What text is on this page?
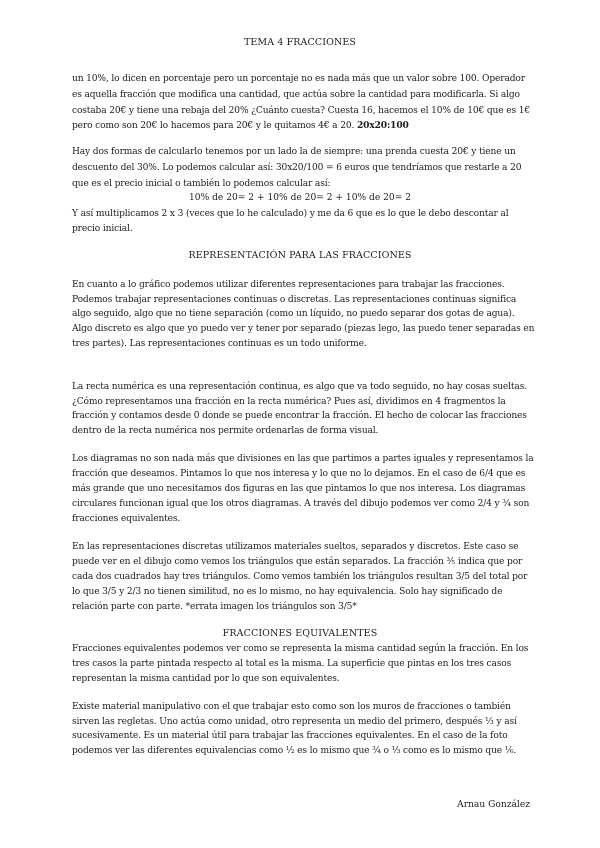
TEMA 4 FRACCIONES
un 10%, lo dicen en porcentaje pero un porcentaje no es nada más que un valor sobre 100. Operador
es aquella fracción que modifica una cantidad, que actúa sobre la cantidad para modificarla. Si algo
costaba 20€ y tiene una rebaja del 20% ¿Cuánto cuesta? Cuesta 16, hacemos el 10% de 10€ que es 1€
pero como son 20€ lo hacemos para 20€ y le quitamos 4€ a 20. 20x20:100
Hay dos formas de calcularlo tenemos por un lado la de siempre: una prenda cuesta 20€ y tiene un
descuento del 30%. Lo podemos calcular así: 30x20/100 = 6 euros que tendríamos que restarle a 20
que es el precio inicial o también lo podemos calcular así:
10% de 20= 2 + 10% de 20= 2 + 10% de 20= 2
Y así multiplicamos 2 x 3 (veces que lo he calculado) y me da 6 que es lo que le debo descontar al
precio inicial.
REPRESENTACIÓN PARA LAS FRACCIONES
En cuanto a lo gráfico podemos utilizar diferentes representaciones para trabajar las fracciones.
Podemos trabajar representaciones continuas o discretas. Las representaciones continuas significa
algo seguido, algo que no tiene separación (como un líquido, no puedo separar dos gotas de agua).
Algo discreto es algo que yo puedo ver y tener por separado (piezas lego, las puedo tener separadas en
tres partes). Las representaciones continuas es un todo uniforme.
La recta numérica es una representación continua, es algo que va todo seguido, no hay cosas sueltas.
¿Cómo representamos una fracción en la recta numérica? Pues así, dividimos en 4 fragmentos la
fracción y contamos desde 0 donde se puede encontrar la fracción. El hecho de colocar las fracciones
dentro de la recta numérica nos permite ordenarlas de forma visual.
Los diagramas no son nada más que divisiones en las que partimos a partes iguales y representamos la
fracción que deseamos. Pintamos lo que nos interesa y lo que no lo dejamos. En el caso de 6/4 que es
más grande que uno necesitamos dos figuras en las que pintamos lo que nos interesa. Los diagramas
circulares funcionan igual que los otros diagramas. A través del dibujo podemos ver como 2/4 y ¾ son
fracciones equivalentes.
En las representaciones discretas utilizamos materiales sueltos, separados y discretos. Este caso se
puede ver en el dibujo como vemos los triángulos que están separados. La fracción ⅗ indica que por
cada dos cuadrados hay tres triángulos. Como vemos también los triángulos resultan 3/5 del total por
lo que 3/5 y 2/3 no tienen similitud, no es lo mismo, no hay equivalencia. Solo hay significado de
relación parte con parte. *errata imagen los triángulos son 3/5*
FRACCIONES EQUIVALENTES
Fracciones equivalentes podemos ver como se representa la misma cantidad según la fracción. En los
tres casos la parte pintada respecto al total es la misma. La superficie que pintas en los tres casos
representan la misma cantidad por lo que son equivalentes.
Existe material manipulativo con el que trabajar esto como son los muros de fracciones o también
sirven las regletas. Uno actúa como unidad, otro representa un medio del primero, después ⅓ y así
sucesivamente. Es un material útil para trabajar las fracciones equivalentes. En el caso de la foto
podemos ver las diferentes equivalencias como ½ es lo mismo que ¾ o ⅓ como es lo mismo que ⅙.
Arnau González
